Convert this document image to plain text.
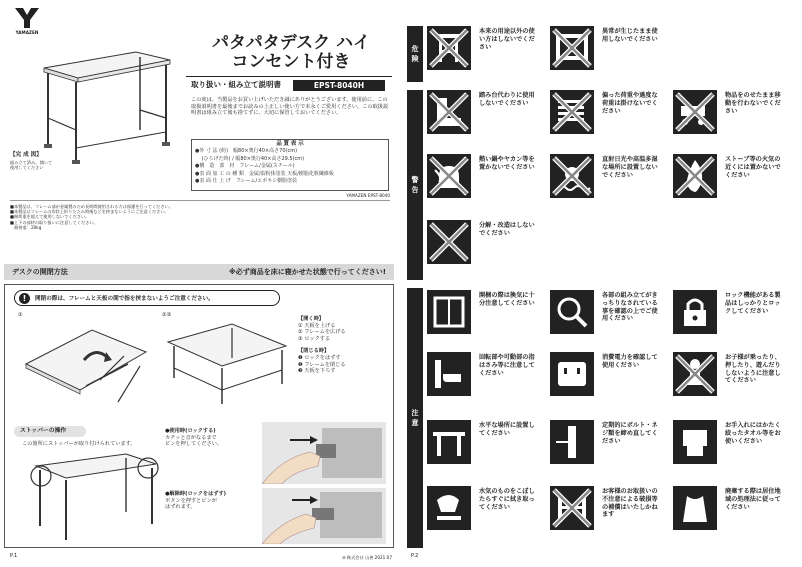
YAMAZEN
【完 成 図】
組み立て済み。開いて使用してください
パタパタデスク ハイ
コンセント付き
取り扱い・組み立て説明書	EPST-8040H
この度は、当製品をお買い上げいただき誠にありがとうございます。使用前に、この取扱説明書を最後までお読みの上正しい使い方で末永くご愛用ください。この取扱説明書は組み立て後も捨てずに、大切に保管しておいてください。
品 質 表 示
●外 寸 法 (約)　幅80×奥行40×高さ70(cm)
　 (ひろげた時) / 幅80×奥行40×高さ29.5(cm)
●構　造　部　材　フレーム/金属(スチール)
●表 面 加 工 の 種 類　金属部/粉体塗装 天板/樹脂化粧繊維板
●表 面 仕 上 げ　フレーム/エポキシ樹脂塗装
YAMAZEN EPST-8040
■本製品は、フレーム部が金属製のため長時間使用される方は保護を行ってください。
■本製品はフレームの形状上折りたたみ時指などを挟まないようにご注意ください。
■耐荷重を超えて使用しないでください。
■上下の部材の取り扱いに注意してください。
　耐荷重：20kg
デスクの開閉方法	※必ず商品を床に寝かせた状態で行ってください!
!	開閉の際は、フレームと天板の間で指を挟まないようご注意ください。
①	②③
【開く時】
① 天板を上げる
② フレームを広げる
③ ロックする
【閉じる時】
❶ ロックをはずす
❷ フレームを閉じる
❸ 天板を下ろす
ストッパーの操作
この箇所にストッパーが取り付けられています。
●使用時(ロックする)
カチッと音がなるまで
ピンを押してください。
●解除時(ロックをはずす)
ボタンを押すとピンが
はずれます。
P.1	⊘ 株式会社 山善 2021.07
危
険
警
告
注
意
本来の用途以外の使い方はしないでください
異常が生じたまま使用しないでください
踏み台代わりに使用しないでください
偏った荷重や過度な荷重は掛けないでください
物品をのせたまま移動を行わないでください
熱い鍋やヤカン等を置かないでください
直射日光や高温多湿な場所に設置しないでください
ストーブ等の火気の近くには置かないでください
分解・改造はしないでください
開梱の際は換気に十分注意してください
各部の組み立てがきっちりなされている事を確認の上でご使用ください
ロック機能がある製品はしっかりとロックしてください
回転部や可動部の指はさみ等に注意してください
消費電力を確認して使用ください
お子様が乗ったり、押したり、遊んだりしないように注意してください
水平な場所に設置してください
定期的にボルト・ネジ類を締め直してください
お手入れにはかたく絞ったタオル等をお使いください
水気のものをこぼしたらすぐに拭き取ってください
お客様のお取扱いの不注意による破損等の補償はいたしかねます
廃棄する際は居住地域の処理法に従ってください
P.2
